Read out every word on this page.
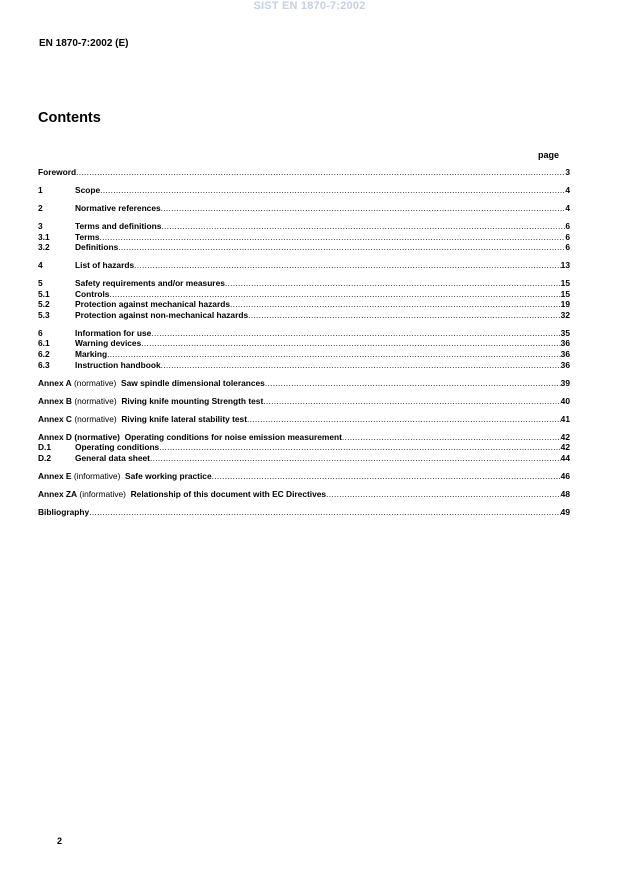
SIST EN 1870-7:2002
EN 1870-7:2002 (E)
Contents
page
Foreword .....	3
1	Scope .....	4
2	Normative references .....	4
3	Terms and definitions .....	6
3.1	Terms .....	6
3.2	Definitions .....	6
4	List of hazards .....	13
5	Safety requirements and/or measures .....	15
5.1	Controls .....	15
5.2	Protection against mechanical hazards .....	19
5.3	Protection against non-mechanical hazards .....	32
6	Information for use .....	35
6.1	Warning devices .....	36
6.2	Marking .....	36
6.3	Instruction handbook .....	36
Annex A (normative) Saw spindle dimensional tolerances .....	39
Annex B (normative) Riving knife mounting Strength test .....	40
Annex C (normative) Riving knife lateral stability test .....	41
Annex D (normative) Operating conditions for noise emission measurement .....	42
D.1	Operating conditions .....	42
D.2	General data sheet .....	44
Annex E (informative) Safe working practice .....	46
Annex ZA (informative) Relationship of this document with EC Directives .....	48
Bibliography .....	49
2
